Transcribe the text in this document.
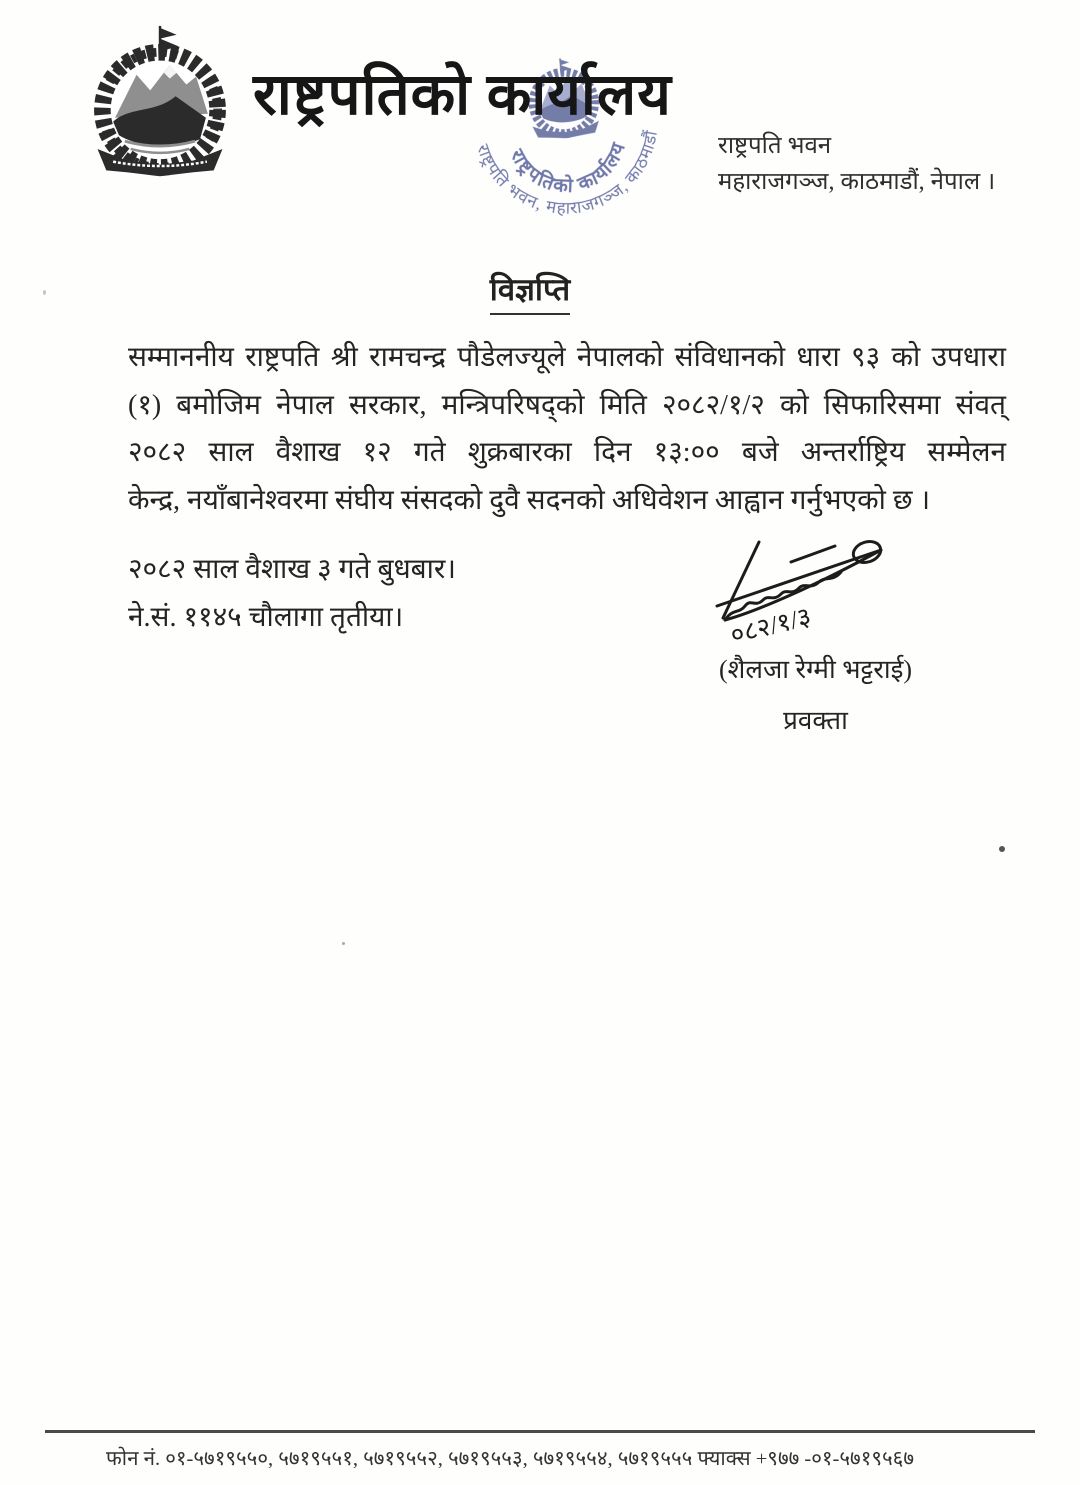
राष्ट्रपतिको कार्यालय
राष्ट्रपतिको कार्यालय
राष्ट्रपति भवन, महाराजगञ्ज, काठमाडौं राष्ट्रपति भवन
महाराजगञ्ज, काठमाडौं, नेपाल ।
विज्ञप्ति
सम्माननीय राष्ट्रपति श्री रामचन्द्र पौडेलज्यूले नेपालको संविधानको धारा ९३ को उपधारा
(१) बमोजिम नेपाल सरकार, मन्त्रिपरिषद्को मिति २०८२/१/२ को सिफारिसमा संवत्
२०८२ साल वैशाख १२ गते शुक्रबारका दिन १३:०० बजे अन्तर्राष्ट्रिय सम्मेलन
केन्द्र, नयाँबानेश्वरमा संघीय संसदको दुवै सदनको अधिवेशन आह्वान गर्नुभएको छ ।
२०८२ साल वैशाख ३ गते बुधबार।
ने.सं. ११४५ चौलागा तृतीया।	०८२/१/३
(शैलजा रेग्मी भट्टराई)
प्रवक्ता
फोन नं. ०१-५७१९५५०, ५७१९५५१, ५७१९५५२, ५७१९५५३, ५७१९५५४, ५७१९५५५ फ्याक्स +९७७ -०१-५७१९५६७
